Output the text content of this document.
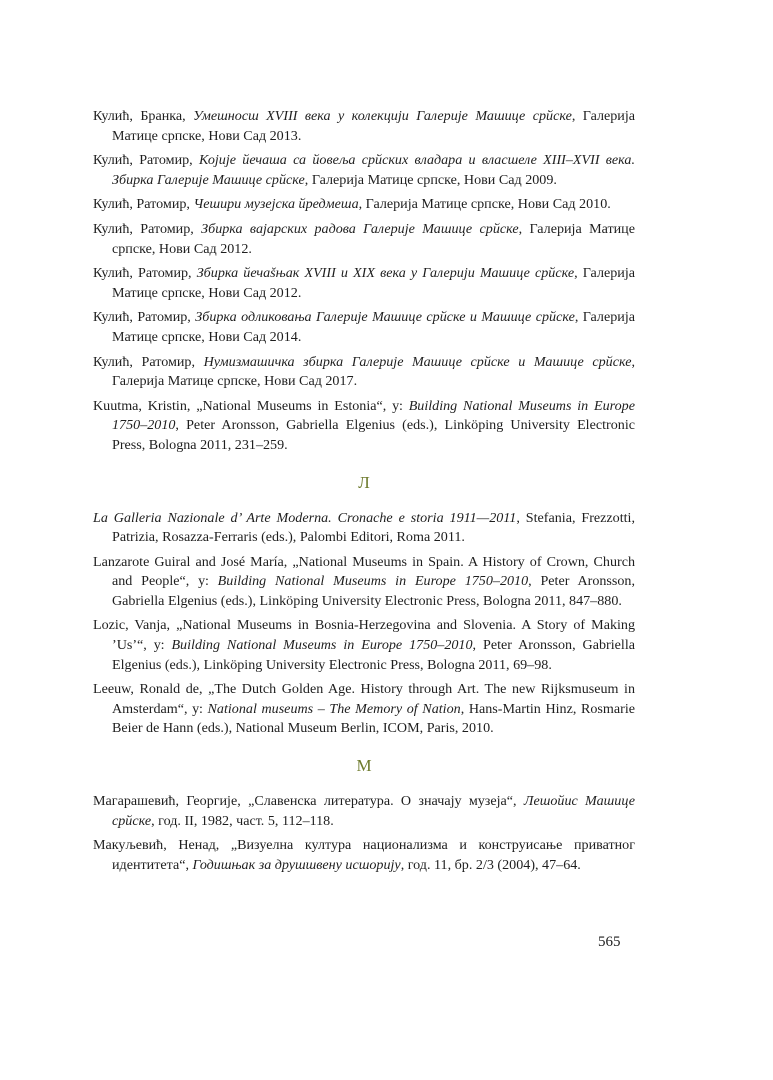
Кулић, Бранка, Умешносш XVIII века у колекцији Галерије Машице срйске, Галерија Матице српске, Нови Сад 2013.

Кулић, Ратомир, Којије йечаша са йовеља срйских владара и власшеле XIII–XVII века. Збирка Галерије Машице срйске, Галерија Матице српске, Нови Сад 2009.

Кулић, Ратомир, Чешири музејска йредмеша, Галерија Матице српске, Нови Сад 2010.

Кулић, Ратомир, Збирка вајарских радова Галерије Машице срйске, Галерија Матице српске, Нови Сад 2012.

Кулић, Ратомир, Збирка йечаšњак XVIII и XIX века у Галерији Машице срйске, Галерија Матице српске, Нови Сад 2012.

Кулић, Ратомир, Збирка одликовања Галерије Машице срйске и Машице срйске, Галерија Матице српске, Нови Сад 2014.

Кулић, Ратомир, Нумизмашичка збирка Галерије Машице срйске и Машице срйске, Галерија Матице српске, Нови Сад 2017.

Kuutma, Kristin, „National Museums in Estonia“, у: Building National Museums in Europe 1750–2010, Peter Aronsson, Gabriella Elgenius (eds.), Linköping University Electronic Press, Bologna 2011, 231–259.

Л

La Galleria Nazionale d’ Arte Moderna. Cronache e storia 1911—2011, Stefania, Frezzotti, Patrizia, Rosazza-Ferraris (eds.), Palombi Editori, Roma 2011.

Lanzarote Guiral and José María, „National Museums in Spain. A History of Crown, Church and People“, у: Building National Museums in Europe 1750–2010, Peter Aronsson, Gabriella Elgenius (eds.), Linköping University Electronic Press, Bologna 2011, 847–880.

Lozic, Vanja, „National Museums in Bosnia-Herzegovina and Slovenia. A Story of Making ’Us’“, у: Building National Museums in Europe 1750–2010, Peter Aronsson, Gabriella Elgenius (eds.), Linköping University Electronic Press, Bologna 2011, 69–98.

Leeuw, Ronald de, „The Dutch Golden Age. History through Art. The new Rijksmuseum in Amsterdam“, у: National museums – The Memory of Nation, Hans-Martin Hinz, Rosmarie Beier de Hann (eds.), National Museum Berlin, ICOM, Paris, 2010.

М

Магарашевић, Георгије, „Славенска литература. О значају музеја“, Лешойис Машице срйске, год. II, 1982, част. 5, 112–118.

Макуљевић, Ненад, „Визуелна култура национализма и конструисање приватног идентитета“, Годишњак за друшшвену исшорију, год. 11, бр. 2/3 (2004), 47–64.

565
